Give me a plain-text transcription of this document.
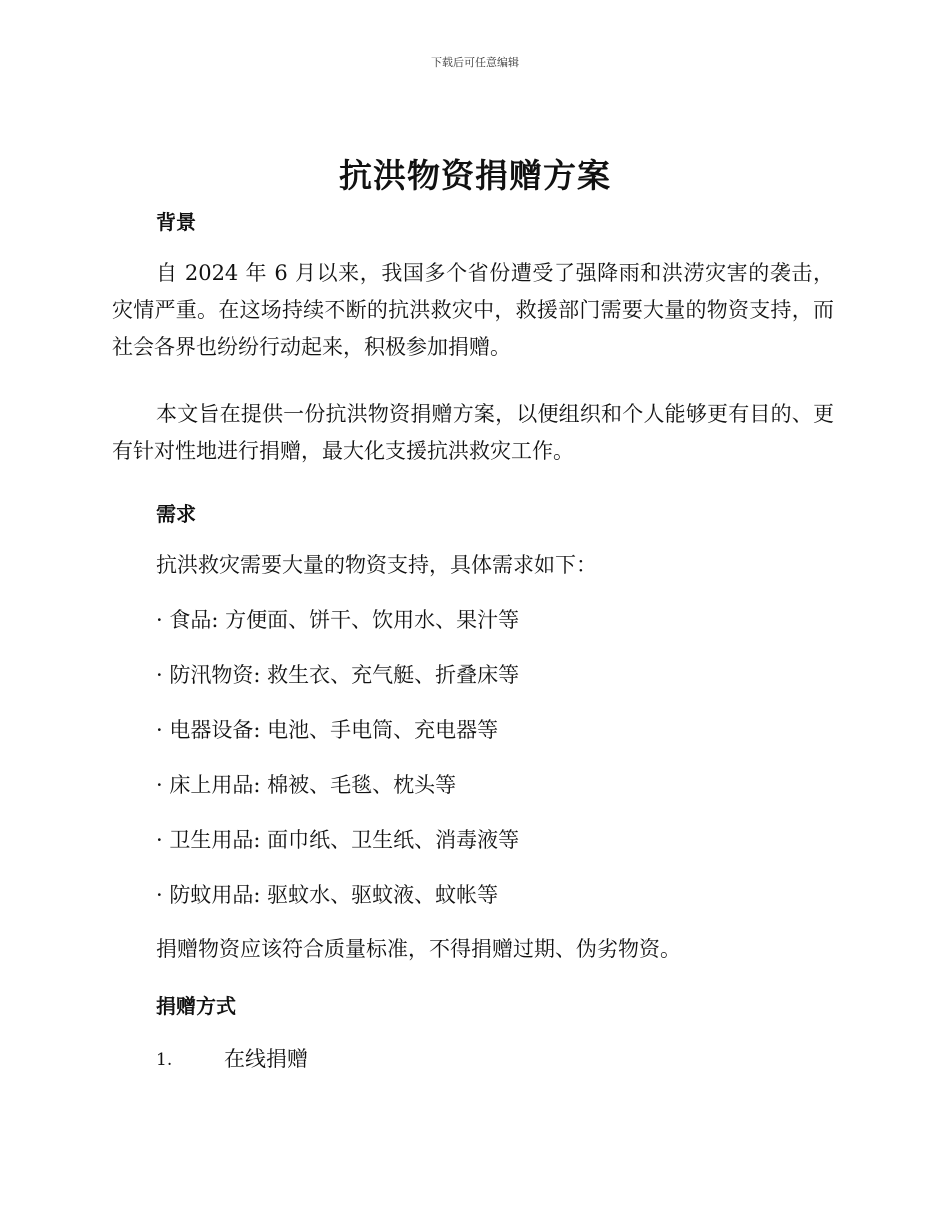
下载后可任意编辑
抗洪物资捐赠方案
背景

自 2024 年 6 月以来，我国多个省份遭受了强降雨和洪涝灾害的袭击，灾情严重。在这场持续不断的抗洪救灾中，救援部门需要大量的物资支持，而社会各界也纷纷行动起来，积极参加捐赠。

本文旨在提供一份抗洪物资捐赠方案，以便组织和个人能够更有目的、更有针对性地进行捐赠，最大化支援抗洪救灾工作。

需求

抗洪救灾需要大量的物资支持，具体需求如下：

· 食品: 方便面、饼干、饮用水、果汁等

· 防汛物资: 救生衣、充气艇、折叠床等

· 电器设备: 电池、手电筒、充电器等

· 床上用品: 棉被、毛毯、枕头等

· 卫生用品: 面巾纸、卫生纸、消毒液等

· 防蚊用品: 驱蚊水、驱蚊液、蚊帐等

捐赠物资应该符合质量标准，不得捐赠过期、伪劣物资。

捐赠方式
1. 在线捐赠
